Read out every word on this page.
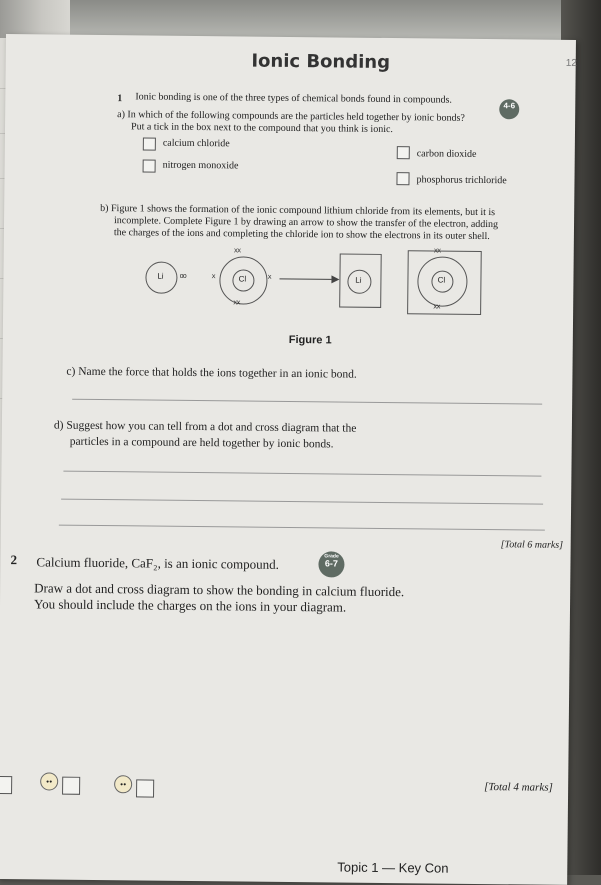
Ionic Bonding	12
1 Ionic bonding is one of the three types of chemical bonds found in compounds.
4-6
a) In which of the following compounds are the particles held together by ionic bonds?
Put a tick in the box next to the compound that you think is ionic.
calcium chloride
carbon dioxide
nitrogen monoxide
phosphorus trichloride
b) Figure 1 shows the formation of the ionic compound lithium chloride from its elements, but it is
incomplete. Complete Figure 1 by drawing an arrow to show the transfer of the electron, adding
the charges of the ions and completing the chloride ion to show the electrons in its outer shell.
Li	oo	Cl
xx
xx
x	x →	Li	Cl
xx
xx
Figure 1
c) Name the force that holds the ions together in an ionic bond.
d) Suggest how you can tell from a dot and cross diagram that the
particles in a compound are held together by ionic bonds.
[Total 6 marks]
2 Calcium fluoride, CaF₂, is an ionic compound.	Grade
6-7
Draw a dot and cross diagram to show the bonding in calcium fluoride.
You should include the charges on the ions in your diagram.
[Total 4 marks]
••	••
Topic 1 — Key Con
